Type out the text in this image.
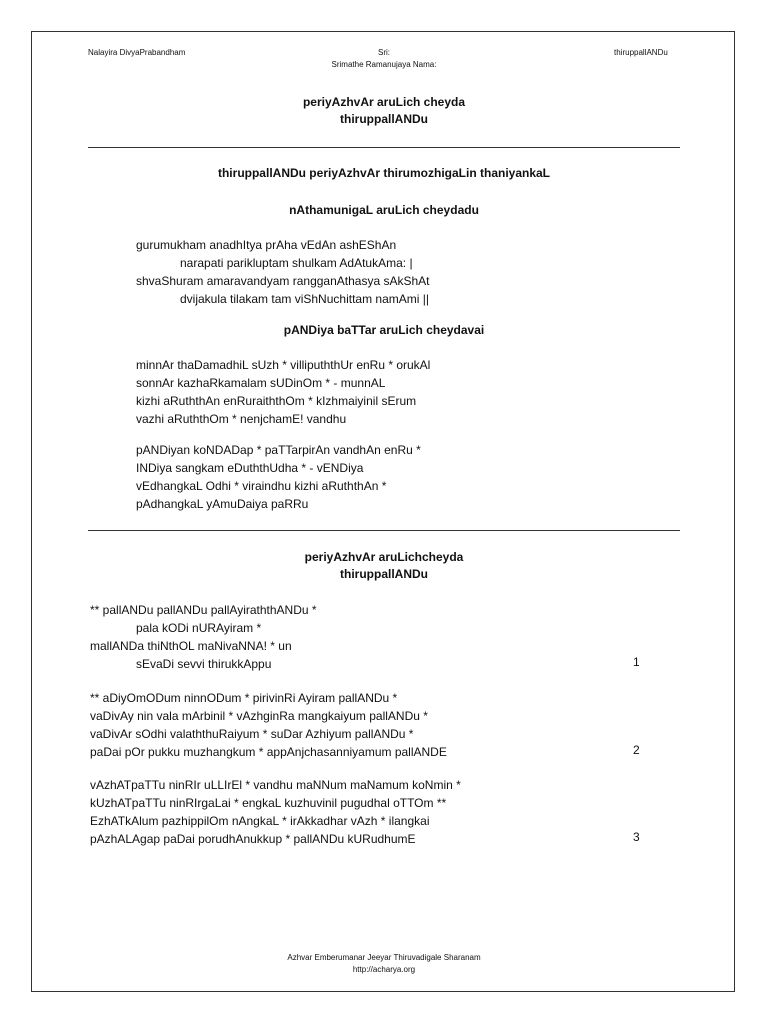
Nalayira DivyaPrabandham	Sri:
Srimathe Ramanujaya Nama:
thiruppallANDu
periyAzhvAr aruLich cheyda
thiruppallANDu
thiruppallANDu periyAzhvAr thirumozhigaLin thaniyankaL
nAthamunigaL aruLich cheydadu
gurumukham anadhItya prAha vEdAn ashEShAn
narapati parikluptam shulkam AdAtukAma: |
shvaShuram amaravandyam rangganAthasya sAkShAt
dvijakula tilakam tam viShNuchittam namAmi ||
pANDiya baTTar aruLich cheydavai
minnAr thaDamadhiL sUzh * villipuththUr enRu * orukAl
sonnAr kazhaRkamalam sUDinOm * - munnAL
kizhi aRuththAn enRuraiththOm * kIzhmaiyinil sErum
vazhi aRuththOm * nenjchamE! vandhu
pANDiyan koNDADap * paTTarpirAn vandhAn enRu *
INDiya sangkam eDuththUdha * - vENDiya
vEdhangkaL Odhi * viraindhu kizhi aRuththAn *
pAdhangkaL yAmuDaiya paRRu
periyAzhvAr aruLichcheyda
thiruppallANDu
** pallANDu pallANDu pallAyiraththANDu *
pala kODi nURAyiram *
mallANDa thiNthOL maNivaNNA! * un
sEvaDi sevvi thirukkAppu	1
** aDiyOmODum ninnODum * pirivinRi Ayiram pallANDu *
vaDivAy nin vala mArbinil * vAzhginRa mangkaiyum pallANDu *
vaDivAr sOdhi valaththuRaiyum * suDar Azhiyum pallANDu *
paDai pOr pukku muzhangkum * appAnjchasanniyamum pallANDE	2
vAzhATpaTTu ninRIr uLLIrEl * vandhu maNNum maNamum koNmin *
kUzhATpaTTu ninRIrgaLai * engkaL kuzhuvinil pugudhal oTTOm **
EzhATkAlum pazhippilOm nAngkaL * irAkkadhar vAzh * ilangkai
pAzhALAgap paDai porudhAnukkup * pallANDu kURudhumE	3
Azhvar Emberumanar Jeeyar Thiruvadigale Sharanam
http://acharya.org
